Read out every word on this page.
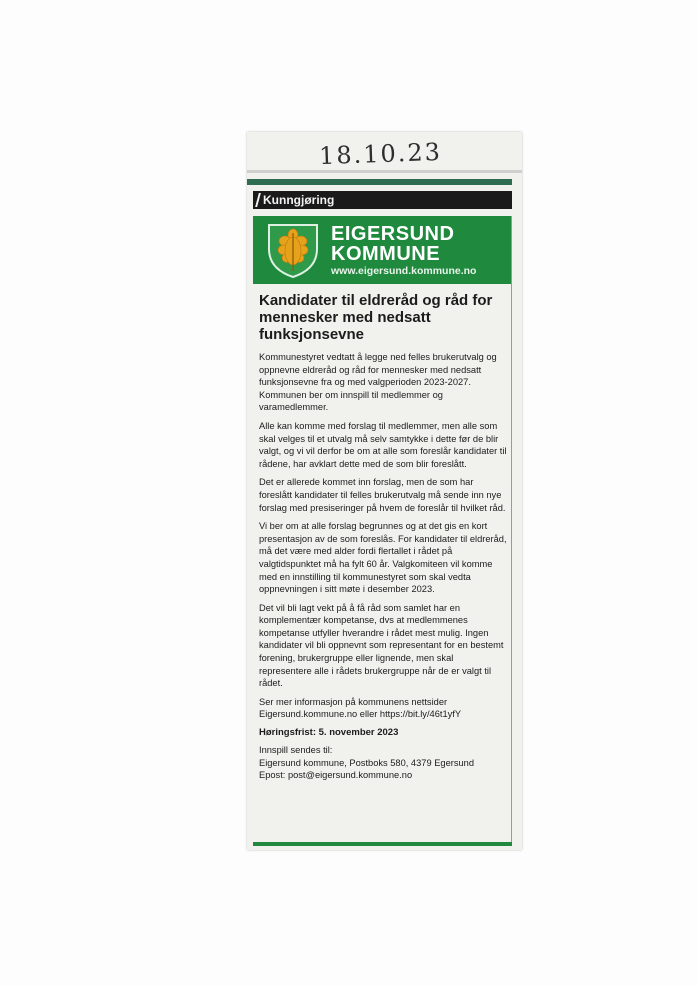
18.10.23
Kunngjøring
EIGERSUND
KOMMUNE
www.eigersund.kommune.no
Kandidater til eldreråd og råd for mennesker med nedsatt funksjonsevne

Kommunestyret vedtatt å legge ned felles brukerutvalg og oppnevne eldreråd og råd for mennesker med nedsatt funksjonsevne fra og med valgperioden 2023-2027. Kommunen ber om innspill til medlemmer og varamedlemmer.

Alle kan komme med forslag til medlemmer, men alle som skal velges til et utvalg må selv samtykke i dette før de blir valgt, og vi vil derfor be om at alle som foreslår kandidater til rådene, har avklart dette med de som blir foreslått.

Det er allerede kommet inn forslag, men de som har foreslått kandidater til felles brukerutvalg må sende inn nye forslag med presiseringer på hvem de foreslår til hvilket råd.

Vi ber om at alle forslag begrunnes og at det gis en kort presentasjon av de som foreslås. For kandidater til eldreråd, må det være med alder fordi flertallet i rådet på valgtidspunktet må ha fylt 60 år. Valgkomiteen vil komme med en innstilling til kommunestyret som skal vedta oppnevningen i sitt møte i desember 2023.

Det vil bli lagt vekt på å få råd som samlet har en komplementær kompetanse, dvs at medlemmenes kompetanse utfyller hverandre i rådet mest mulig. Ingen kandidater vil bli oppnevnt som representant for en bestemt forening, brukergruppe eller lignende, men skal representere alle i rådets brukergruppe når de er valgt til rådet.

Ser mer informasjon på kommunens nettsider Eigersund.kommune.no eller https://bit.ly/46t1yfY

Høringsfrist: 5. november 2023
Innspill sendes til:
Eigersund kommune, Postboks 580, 4379 Egersund
Epost: post@eigersund.kommune.no
